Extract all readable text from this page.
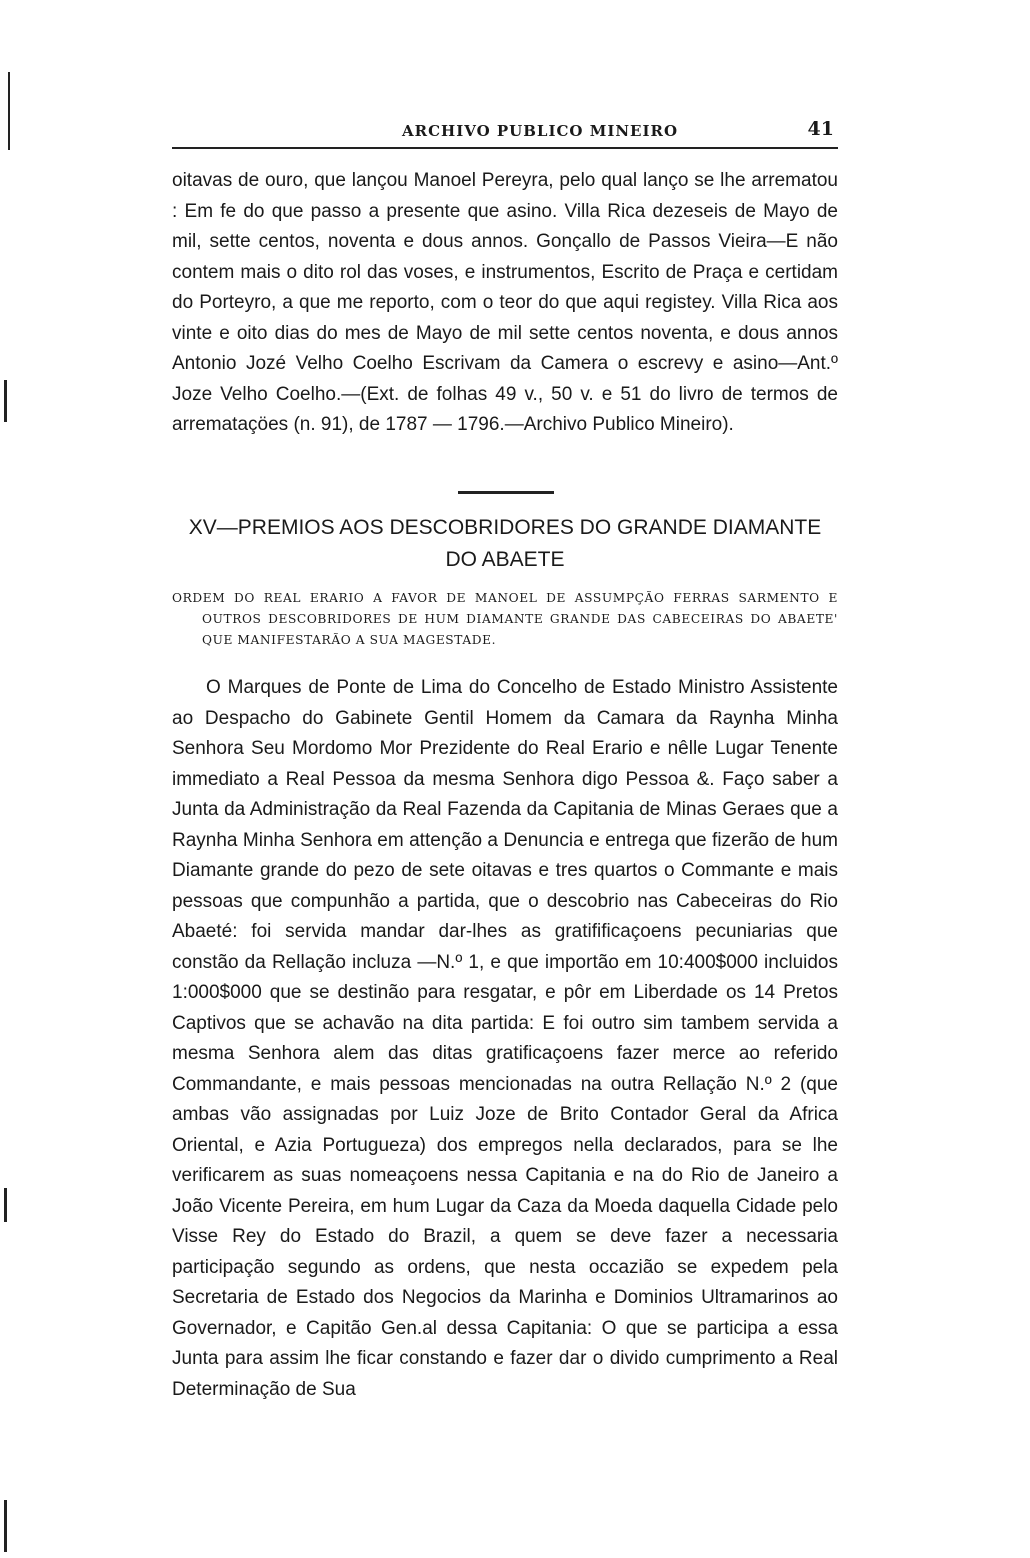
ARCHIVO PUBLICO MINEIRO	41

oitavas de ouro, que lançou Manoel Pereyra, pelo qual lanço se lhe arrematou : Em fe do que passo a presente que asino. Villa Rica dezeseis de Mayo de mil, sette centos, noventa e dous annos. Gonçallo de Passos Vieira—E não contem mais o dito rol das voses, e instrumentos, Escrito de Praça e certidam do Porteyro, a que me reporto, com o teor do que aqui registey. Villa Rica aos vinte e oito dias do mes de Mayo de mil sette centos noventa, e dous annos Antonio Jozé Velho Coelho Escrivam da Camera o escrevy e asino—Ant.º Joze Velho Coelho.—(Ext. de folhas 49 v., 50 v. e 51 do livro de termos de arremataçöes (n. 91), de 1787 — 1796.—Archivo Publico Mineiro).

XV—PREMIOS AOS DESCOBRIDORES DO GRANDE DIAMANTE
DO ABAETE
ORDEM DO REAL ERARIO A FAVOR DE MANOEL DE ASSUMPÇÃO FERRAS SARMENTO E OUTROS DESCOBRIDORES DE HUM DIAMANTE GRANDE DAS CABECEIRAS DO ABAETE' QUE MANIFESTARÃO A SUA MAGESTADE.

O Marques de Ponte de Lima do Concelho de Estado Ministro Assistente ao Despacho do Gabinete Gentil Homem da Camara da Raynha Minha Senhora Seu Mordomo Mor Prezidente do Real Erario e nêlle Lugar Tenente immediato a Real Pessoa da mesma Senhora digo Pessoa &. Faço saber a Junta da Administração da Real Fazenda da Capitania de Minas Geraes que a Raynha Minha Senhora em attenção a Denuncia e entrega que fizerão de hum Diamante grande do pezo de sete oitavas e tres quartos o Commante e mais pessoas que compunhão a partida, que o descobrio nas Cabeceiras do Rio Abaeté: foi servida mandar dar-lhes as gratifificaçoens pecuniarias que constão da Rellação incluza —N.º 1, e que importão em 10:400$000 incluidos 1:000$000 que se destinão para resgatar, e pôr em Liberdade os 14 Pretos Captivos que se achavão na dita partida: E foi outro sim tambem servida a mesma Senhora alem das ditas gratificaçoens fazer merce ao referido Commandante, e mais pessoas mencionadas na outra Rellação N.º 2 (que ambas vão assignadas por Luiz Joze de Brito Contador Geral da Africa Oriental, e Azia Portugueza) dos empregos nella declarados, para se lhe verificarem as suas nomeaçoens nessa Capitania e na do Rio de Janeiro a João Vicente Pereira, em hum Lugar da Caza da Moeda daquella Cidade pelo Visse Rey do Estado do Brazil, a quem se deve fazer a necessaria participação segundo as ordens, que nesta occazião se expedem pela Secretaria de Estado dos Negocios da Marinha e Dominios Ultramarinos ao Governador, e Capitão Gen.al dessa Capitania: O que se participa a essa Junta para assim lhe ficar constando e fazer dar o divido cumprimento a Real Determinação de Sua
